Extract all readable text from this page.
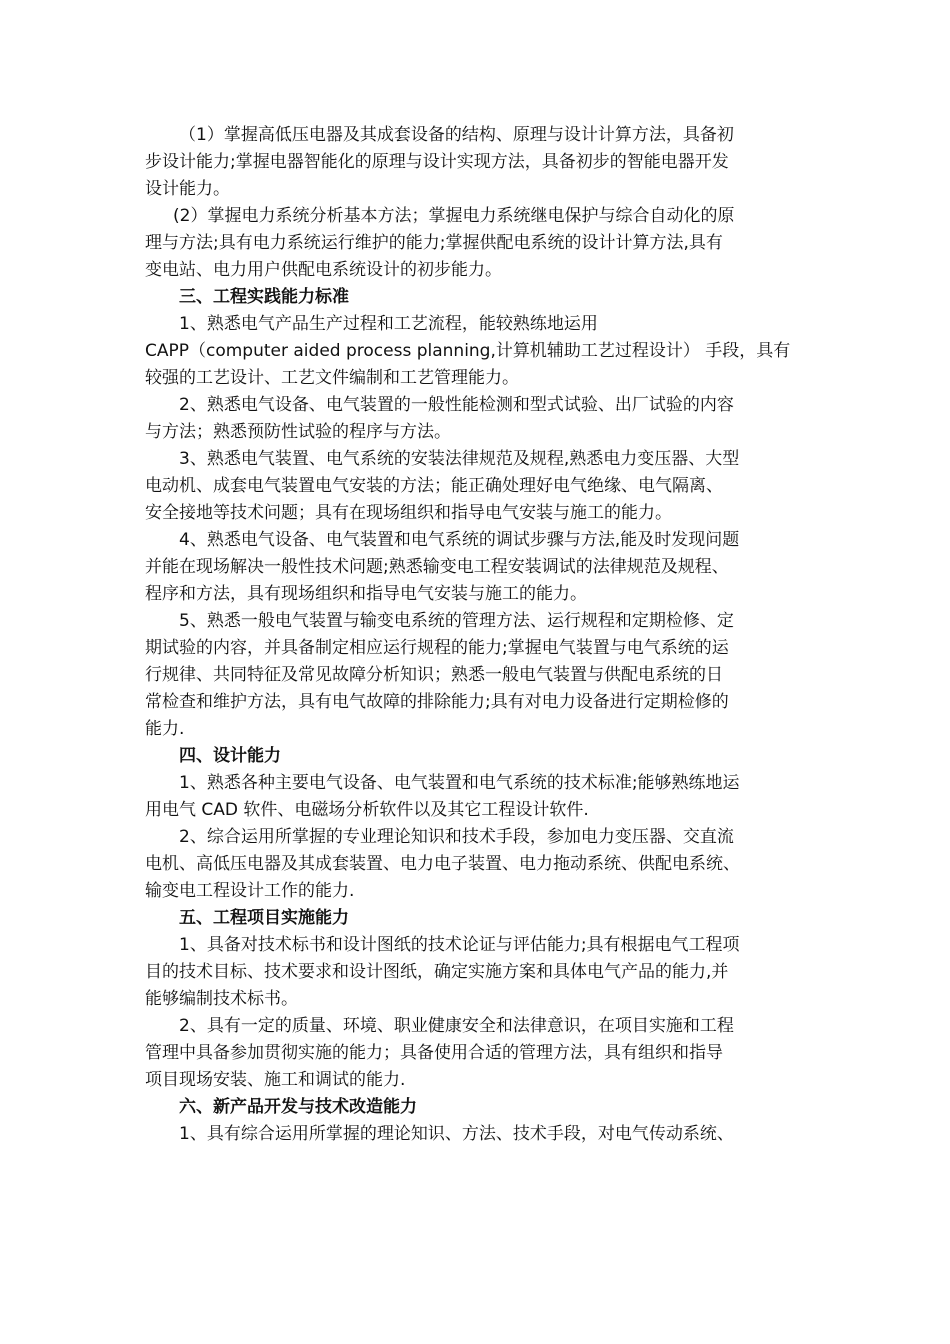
（1）掌握高低压电器及其成套设备的结构、原理与设计计算方法，具备初
步设计能力;掌握电器智能化的原理与设计实现方法，具备初步的智能电器开发
设计能力。
(2）掌握电力系统分析基本方法；掌握电力系统继电保护与综合自动化的原
理与方法;具有电力系统运行维护的能力;掌握供配电系统的设计计算方法,具有
变电站、电力用户供配电系统设计的初步能力。
三、工程实践能力标准
1、熟悉电气产品生产过程和工艺流程，能较熟练地运用
CAPP（computer aided process planning,计算机辅助工艺过程设计） 手段，具有
较强的工艺设计、工艺文件编制和工艺管理能力。
2、熟悉电气设备、电气装置的一般性能检测和型式试验、出厂试验的内容
与方法；熟悉预防性试验的程序与方法。
3、熟悉电气装置、电气系统的安装法律规范及规程,熟悉电力变压器、大型
电动机、成套电气装置电气安装的方法；能正确处理好电气绝缘、电气隔离、
安全接地等技术问题；具有在现场组织和指导电气安装与施工的能力。
4、熟悉电气设备、电气装置和电气系统的调试步骤与方法,能及时发现问题
并能在现场解决一般性技术问题;熟悉输变电工程安装调试的法律规范及规程、
程序和方法，具有现场组织和指导电气安装与施工的能力。
5、熟悉一般电气装置与输变电系统的管理方法、运行规程和定期检修、定
期试验的内容，并具备制定相应运行规程的能力;掌握电气装置与电气系统的运
行规律、共同特征及常见故障分析知识；熟悉一般电气装置与供配电系统的日
常检查和维护方法，具有电气故障的排除能力;具有对电力设备进行定期检修的
能力.
四、设计能力
1、熟悉各种主要电气设备、电气装置和电气系统的技术标准;能够熟练地运
用电气 CAD 软件、电磁场分析软件以及其它工程设计软件.
2、综合运用所掌握的专业理论知识和技术手段，参加电力变压器、交直流
电机、高低压电器及其成套装置、电力电子装置、电力拖动系统、供配电系统、
输变电工程设计工作的能力.
五、工程项目实施能力
1、具备对技术标书和设计图纸的技术论证与评估能力;具有根据电气工程项
目的技术目标、技术要求和设计图纸，确定实施方案和具体电气产品的能力,并
能够编制技术标书。
2、具有一定的质量、环境、职业健康安全和法律意识，在项目实施和工程
管理中具备参加贯彻实施的能力；具备使用合适的管理方法，具有组织和指导
项目现场安装、施工和调试的能力.
六、新产品开发与技术改造能力
1、具有综合运用所掌握的理论知识、方法、技术手段，对电气传动系统、
